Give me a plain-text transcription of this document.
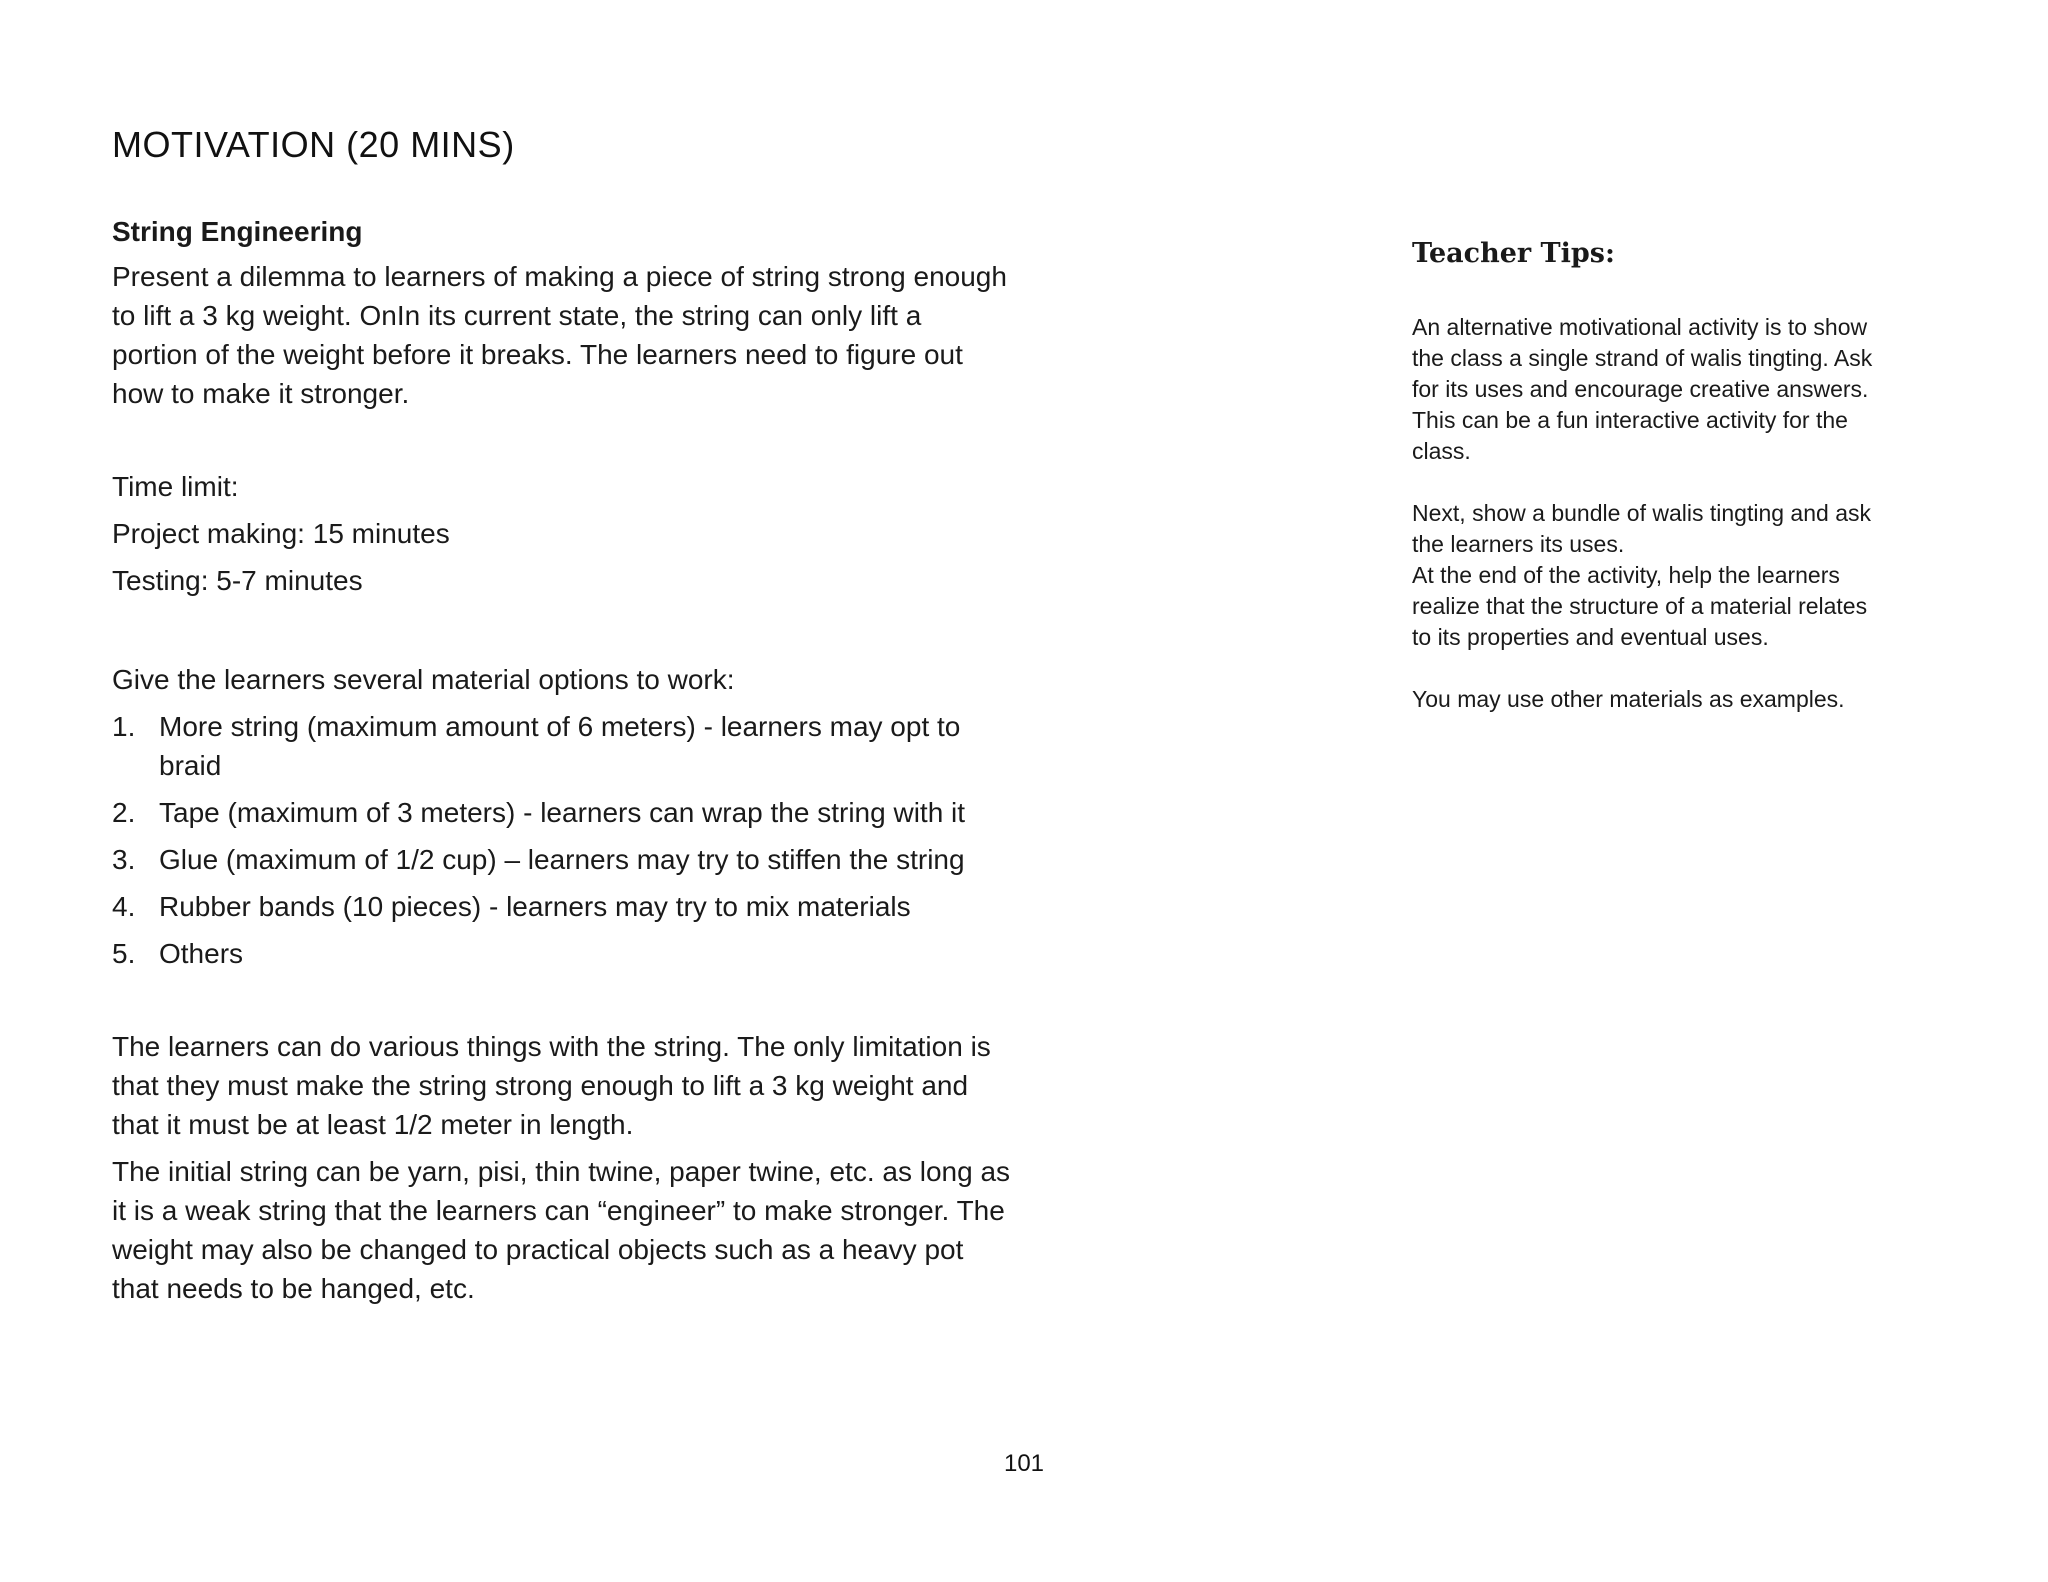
MOTIVATION (20 MINS)
String Engineering

Present a dilemma to learners of making a piece of string strong enough to lift a 3 kg weight. OnIn its current state, the string can only lift a portion of the weight before it breaks. The learners need to figure out how to make it stronger.

Time limit:

Project making: 15 minutes

Testing: 5-7 minutes

Give the learners several material options to work:

1. More string (maximum amount of 6 meters) - learners may opt to braid
2. Tape (maximum of 3 meters) - learners can wrap the string with it
3. Glue (maximum of 1/2 cup) – learners may try to stiffen the string
4. Rubber bands (10 pieces) - learners may try to mix materials
5. Others

The learners can do various things with the string. The only limitation is that they must make the string strong enough to lift a 3 kg weight and that it must be at least 1/2 meter in length.

The initial string can be yarn, pisi, thin twine, paper twine, etc. as long as it is a weak string that the learners can “engineer” to make stronger. The weight may also be changed to practical objects such as a heavy pot that needs to be hanged, etc.

Teacher Tips:

An alternative motivational activity is to show the class a single strand of walis tingting. Ask for its uses and encourage creative answers. This can be a fun interactive activity for the class.

Next, show a bundle of walis tingting and ask the learners its uses.

At the end of the activity, help the learners realize that the structure of a material relates to its properties and eventual uses.

You may use other materials as examples.

101
